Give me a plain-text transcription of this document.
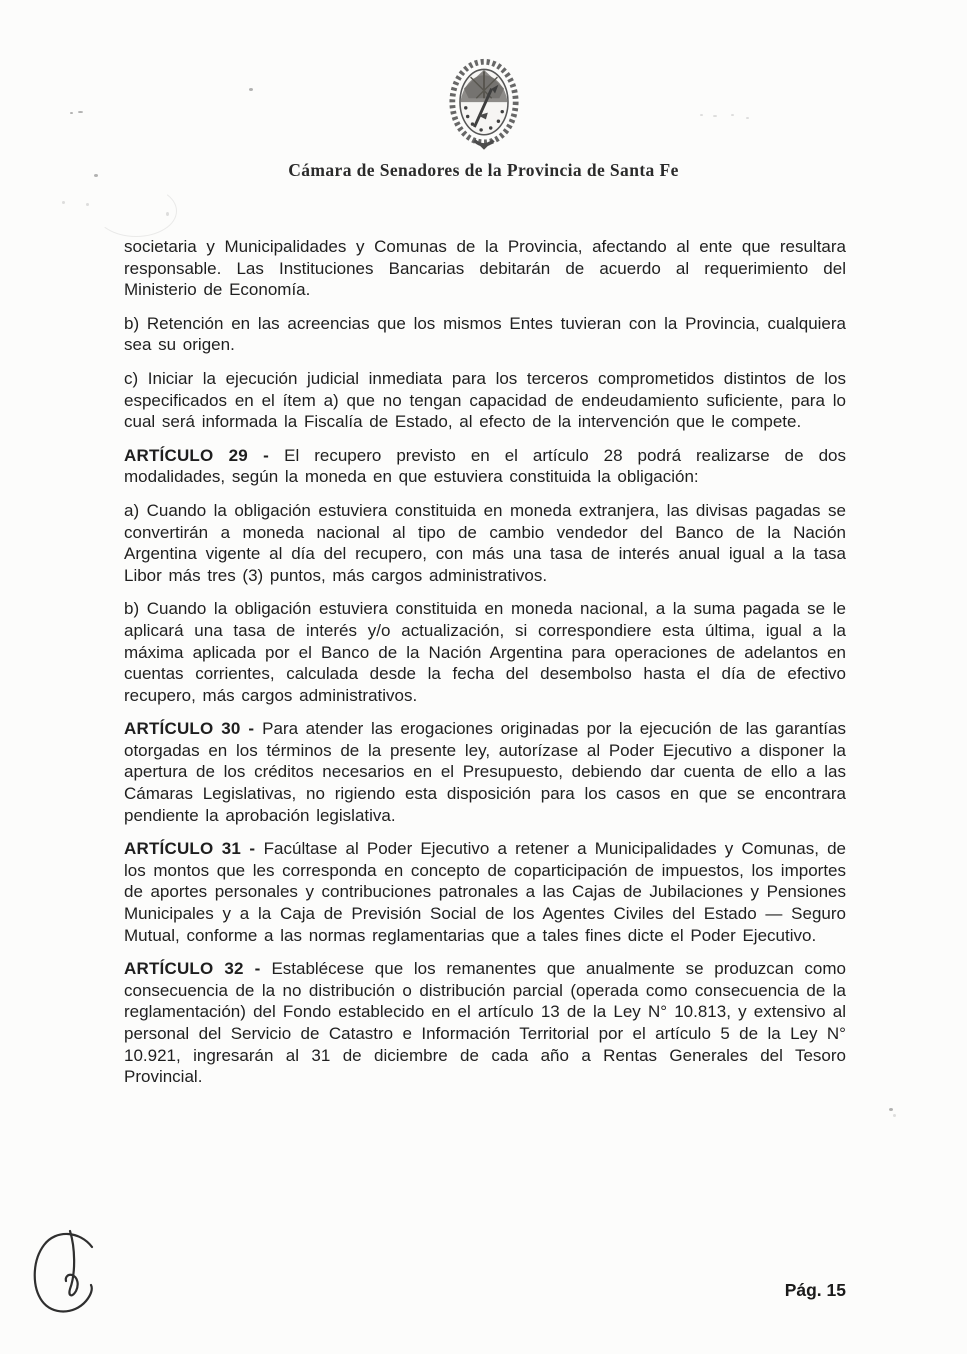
Cámara de Senadores de la Provincia de Santa Fe

societaria y Municipalidades y Comunas de la Provincia, afectando al ente que resultara responsable. Las Instituciones Bancarias debitarán de acuerdo al requerimiento del Ministerio de Economía.

b) Retención en las acreencias que los mismos Entes tuvieran con la Provincia, cualquiera sea su origen.

c) Iniciar la ejecución judicial inmediata para los terceros comprometidos distintos de los especificados en el ítem a) que no tengan capacidad de endeudamiento suficiente, para lo cual será informada la Fiscalía de Estado, al efecto de la intervención que le compete.

ARTÍCULO 29 - El recupero previsto en el artículo 28 podrá realizarse de dos modalidades, según la moneda en que estuviera constituida la obligación:

a) Cuando la obligación estuviera constituida en moneda extranjera, las divisas pagadas se convertirán a moneda nacional al tipo de cambio vendedor del Banco de la Nación Argentina vigente al día del recupero, con más una tasa de interés anual igual a la tasa Libor más tres (3) puntos, más cargos administrativos.

b) Cuando la obligación estuviera constituida en moneda nacional, a la suma pagada se le aplicará una tasa de interés y/o actualización, si correspondiere esta última, igual a la máxima aplicada por el Banco de la Nación Argentina para operaciones de adelantos en cuentas corrientes, calculada desde la fecha del desembolso hasta el día de efectivo recupero, más cargos administrativos.

ARTÍCULO 30 - Para atender las erogaciones originadas por la ejecución de las garantías otorgadas en los términos de la presente ley, autorízase al Poder Ejecutivo a disponer la apertura de los créditos necesarios en el Presupuesto, debiendo dar cuenta de ello a las Cámaras Legislativas, no rigiendo esta disposición para los casos en que se encontrara pendiente la aprobación legislativa.

ARTÍCULO 31 - Facúltase al Poder Ejecutivo a retener a Municipalidades y Comunas, de los montos que les corresponda en concepto de coparticipación de impuestos, los importes de aportes personales y contribuciones patronales a las Cajas de Jubilaciones y Pensiones Municipales y a la Caja de Previsión Social de los Agentes Civiles del Estado — Seguro Mutual, conforme a las normas reglamentarias que a tales fines dicte el Poder Ejecutivo.

ARTÍCULO 32 - Establécese que los remanentes que anualmente se produzcan como consecuencia de la no distribución o distribución parcial (operada como consecuencia de la reglamentación) del Fondo establecido en el artículo 13 de la Ley N° 10.813, y extensivo al personal del Servicio de Catastro e Información Territorial por el artículo 5 de la Ley N° 10.921, ingresarán al 31 de diciembre de cada año a Rentas Generales del Tesoro Provincial.

Pág. 15
